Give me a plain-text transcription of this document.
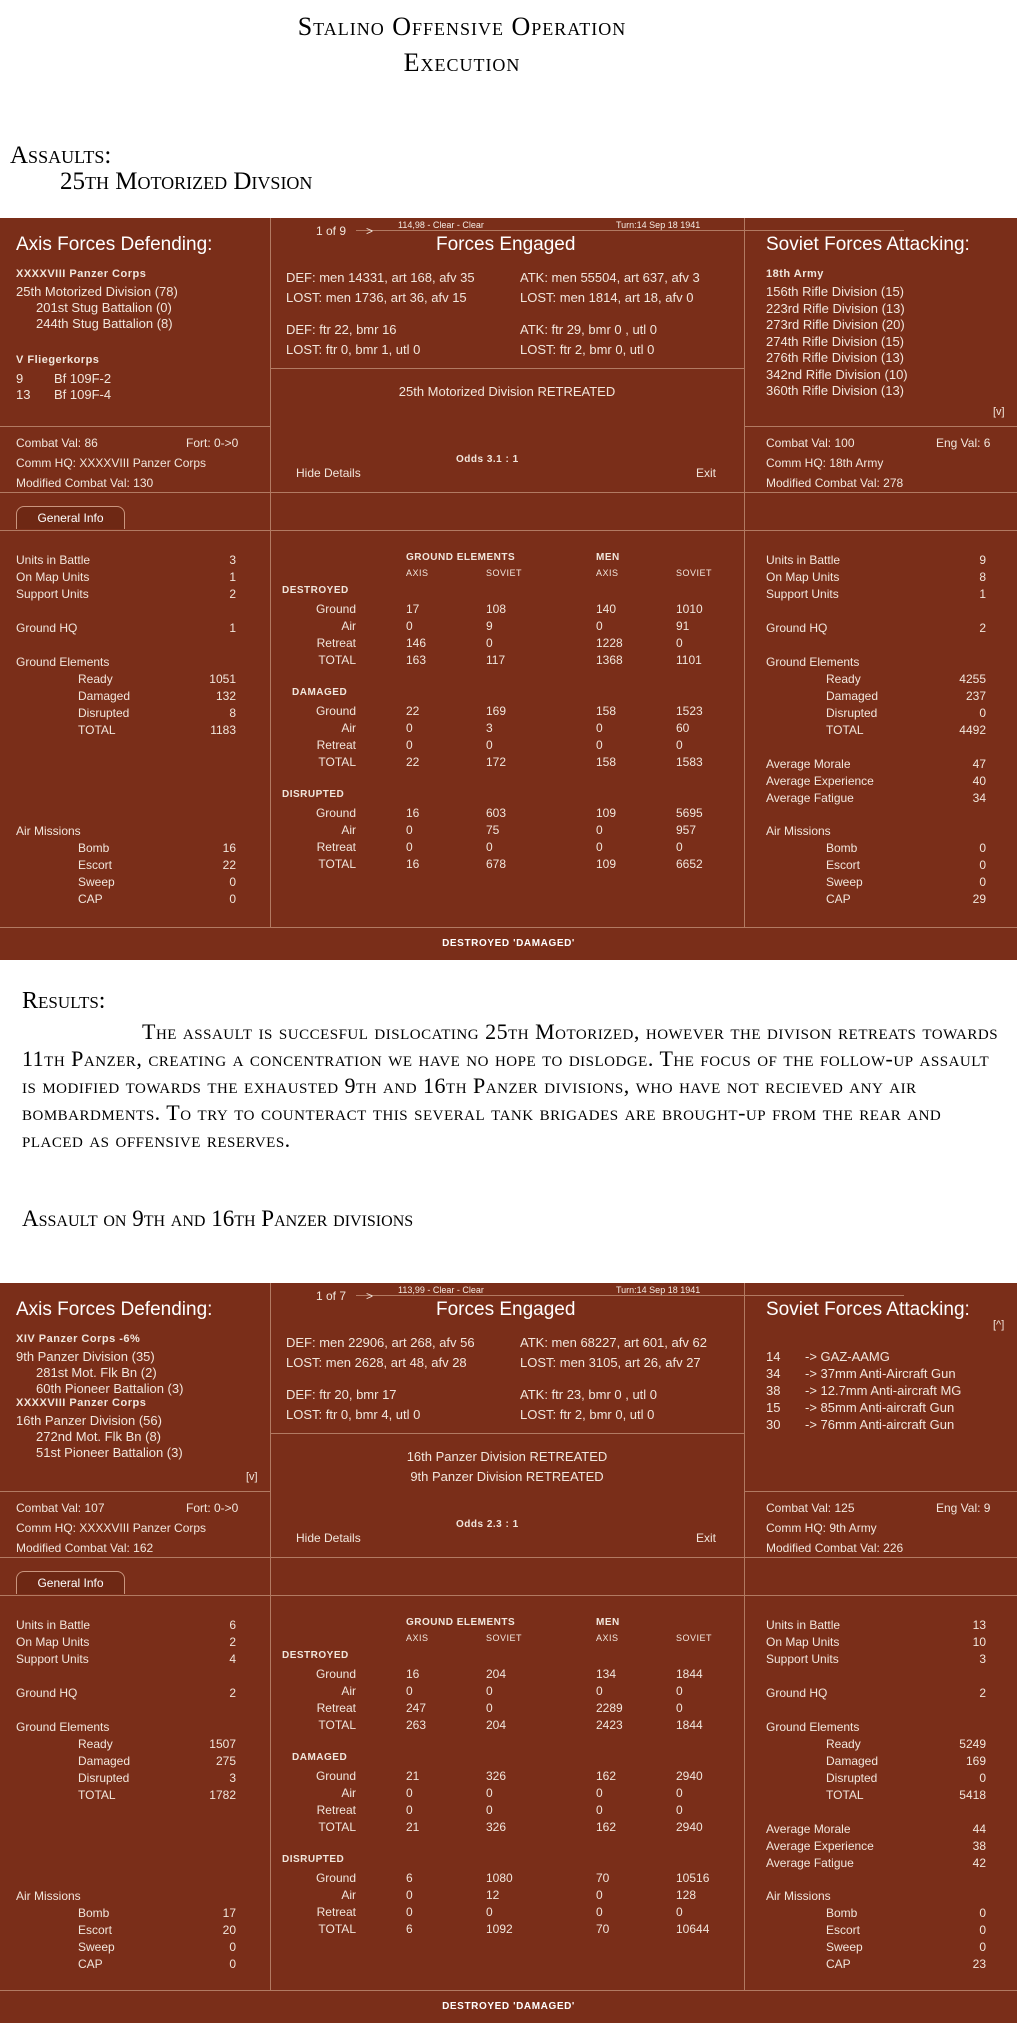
Stalino Offensive Operation
Execution
Assaults:
25th Motorized Divsion
Axis Forces Defending:	Soviet Forces Attacking:
Forces Engaged
1 of 9 >	114,98 - Clear - Clear	Turn:14 Sep 18 1941
XXXXVIII Panzer Corps
25th Motorized Division (78)
201st Stug Battalion (0)
244th Stug Battalion (8)
V Fliegerkorps
9 Bf 109F-2
13 Bf 109F-4
18th Army
156th Rifle Division (15)
223rd Rifle Division (13)
273rd Rifle Division (20)
274th Rifle Division (15)
276th Rifle Division (13)
342nd Rifle Division (10)
360th Rifle Division (13)
[v]
DEF: men 14331, art 168, afv 35
LOST: men 1736, art 36, afv 15
ATK: men 55504, art 637, afv 3
LOST: men 1814, art 18, afv 0
DEF: ftr 22, bmr 16
LOST: ftr 0, bmr 1, utl 0
ATK: ftr 29, bmr 0 , utl 0
LOST: ftr 2, bmr 0, utl 0
25th Motorized Division RETREATED
Combat Val: 86	Fort: 0->0
Comm HQ: XXXXVIII Panzer Corps
Modified Combat Val: 130
Odds 3.1 : 1
Hide Details	Exit
Combat Val: 100	Eng Val: 6
Comm HQ: 18th Army
Modified Combat Val: 278
General Info
Units in Battle	3
On Map Units	1
Support Units	2
Ground HQ	1
Ground Elements
Ready	1051
Damaged	132
Disrupted	8
TOTAL	1183
Air Missions
Bomb	16
Escort	22
Sweep	0
CAP	0
Units in Battle	9
On Map Units	8
Support Units	1
Ground HQ	2
Ground Elements
Ready	4255
Damaged	237
Disrupted	0
TOTAL	4492
Average Morale	47
Average Experience	40
Average Fatigue	34
Air Missions
Bomb	0
Escort	0
Sweep	0
CAP	29
GROUND ELEMENTS	MEN
AXIS	SOVIET	AXIS	SOVIET
DESTROYED
Ground	17	108	140	1010
Air	0	9	0	91
Retreat	146	0	1228	0
TOTAL	163	117	1368	1101
DAMAGED
Ground	22	169	158	1523
Air	0	3	0	60
Retreat	0	0	0	0
TOTAL	22	172	158	1583
DISRUPTED
Ground	16	603	109	5695
Air	0	75	0	957
Retreat	0	0	0	0
TOTAL	16	678	109	6652
DESTROYED 'DAMAGED'
Results:
The assault is succesful dislocating 25th Motorized, however the divison retreats towards 11th Panzer, creating a concentration we have no hope to dislodge. The focus of the follow-up assault is modified towards the exhausted 9th and 16th Panzer divisions, who have not recieved any air bombardments. To try to counteract this several tank brigades are brought-up from the rear and placed as offensive reserves.
Assault on 9th and 16th Panzer divisions
Axis Forces Defending:	Soviet Forces Attacking:
Forces Engaged
1 of 7 >	113,99 - Clear - Clear	Turn:14 Sep 18 1941
XIV Panzer Corps -6%
9th Panzer Division (35)
281st Mot. Flk Bn (2)
60th Pioneer Battalion (3)
XXXXVIII Panzer Corps
16th Panzer Division (56)
272nd Mot. Flk Bn (8)
51st Pioneer Battalion (3)
[v]
14 -> GAZ-AAMG
34 -> 37mm Anti-Aircraft Gun
38 -> 12.7mm Anti-aircraft MG
15 -> 85mm Anti-aircraft Gun
30 -> 76mm Anti-aircraft Gun
[^]
DEF: men 22906, art 268, afv 56
LOST: men 2628, art 48, afv 28
ATK: men 68227, art 601, afv 62
LOST: men 3105, art 26, afv 27
DEF: ftr 20, bmr 17
LOST: ftr 0, bmr 4, utl 0
ATK: ftr 23, bmr 0 , utl 0
LOST: ftr 2, bmr 0, utl 0
16th Panzer Division RETREATED
9th Panzer Division RETREATED
Combat Val: 107	Fort: 0->0
Comm HQ: XXXXVIII Panzer Corps
Modified Combat Val: 162
Odds 2.3 : 1
Hide Details	Exit
Combat Val: 125	Eng Val: 9
Comm HQ: 9th Army
Modified Combat Val: 226
General Info
Units in Battle	6
On Map Units	2
Support Units	4
Ground HQ	2
Ground Elements
Ready	1507
Damaged	275
Disrupted	3
TOTAL	1782
Air Missions
Bomb	17
Escort	20
Sweep	0
CAP	0
Units in Battle	13
On Map Units	10
Support Units	3
Ground HQ	2
Ground Elements
Ready	5249
Damaged	169
Disrupted	0
TOTAL	5418
Average Morale	44
Average Experience	38
Average Fatigue	42
Air Missions
Bomb	0
Escort	0
Sweep	0
CAP	23
GROUND ELEMENTS	MEN
AXIS	SOVIET	AXIS	SOVIET
DESTROYED
Ground	16	204	134	1844
Air	0	0	0	0
Retreat	247	0	2289	0
TOTAL	263	204	2423	1844
DAMAGED
Ground	21	326	162	2940
Air	0	0	0	0
Retreat	0	0	0	0
TOTAL	21	326	162	2940
DISRUPTED
Ground	6	1080	70	10516
Air	0	12	0	128
Retreat	0	0	0	0
TOTAL	6	1092	70	10644
DESTROYED 'DAMAGED'
